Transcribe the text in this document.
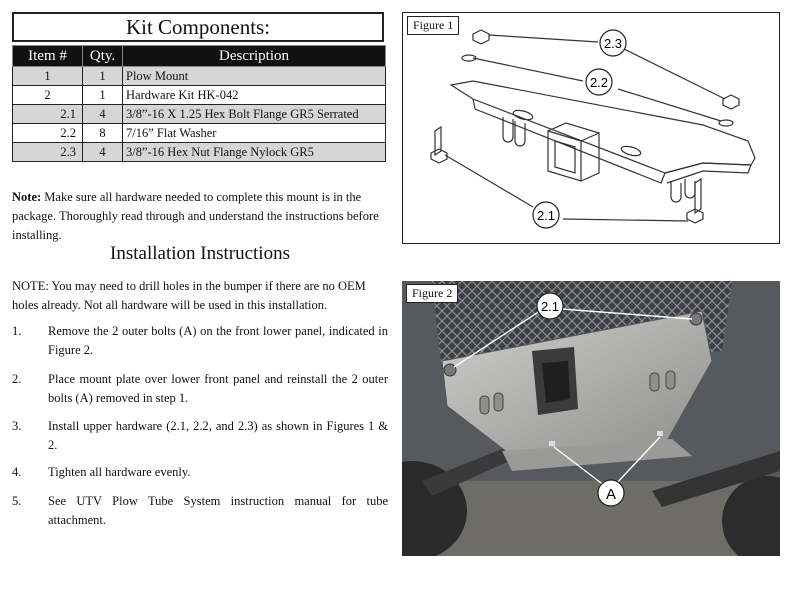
Kit Components:
Item #	Qty.	Description
1	1	Plow Mount
2	1	Hardware Kit HK-042
2.1	4	3/8”-16 X 1.25 Hex Bolt Flange GR5 Serrated
2.2	8	7/16” Flat Washer
2.3	4	3/8”-16 Hex Nut Flange Nylock GR5
Note: Make sure all hardware needed to complete this mount is in the package. Thoroughly read through and understand the instructions before installing.
Installation Instructions
NOTE: You may need to drill holes in the bumper if there are no OEM holes already. Not all hardware will be used in this installation.
1. Remove the 2 outer bolts (A) on the front lower panel, indicated in Figure 2.
2. Place mount plate over lower front panel and reinstall the 2 outer bolts (A) removed in step 1.
3. Install upper hardware (2.1, 2.2, and 2.3) as shown in Figures 1 & 2.
4. Tighten all hardware evenly.
5. See UTV Plow Tube System instruction manual for tube attachment.
Figure 1
2.3
2.2
2.1
Figure 2
2.1
A
